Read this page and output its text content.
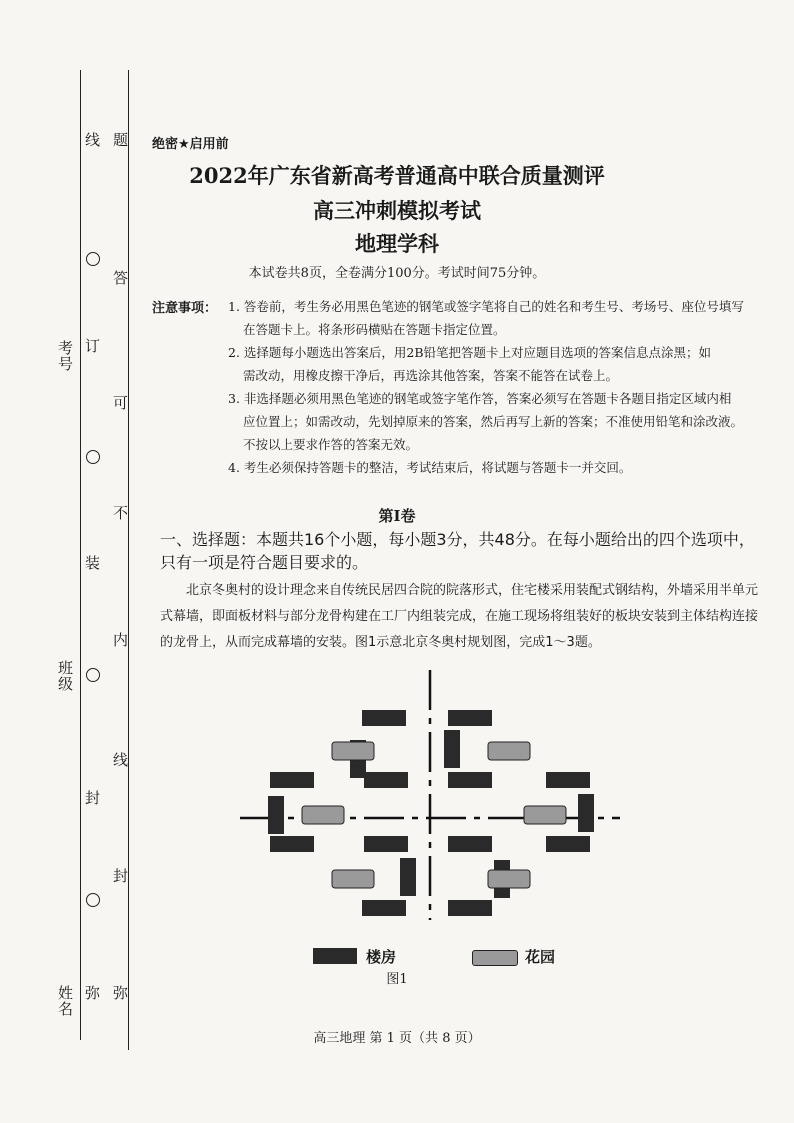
线 题
答
考号 订
可
不
装
内
班级
线
封
封
姓名 弥 弥
绝密★启用前
2022年广东省新高考普通高中联合质量测评
高三冲刺模拟考试
地理学科
本试卷共8页，全卷满分100分。考试时间75分钟。
注意事项： 1. 答卷前，考生务必用黑色笔迹的钢笔或签字笔将自己的姓名和考生号、考场号、座位号填写
在答题卡上。将条形码横贴在答题卡指定位置。
2. 选择题每小题选出答案后，用2B铅笔把答题卡上对应题目选项的答案信息点涂黑；如
需改动，用橡皮擦干净后，再选涂其他答案，答案不能答在试卷上。
3. 非选择题必须用黑色笔迹的钢笔或签字笔作答，答案必须写在答题卡各题目指定区域内相
应位置上；如需改动，先划掉原来的答案，然后再写上新的答案；不准使用铅笔和涂改液。
不按以上要求作答的答案无效。
4. 考生必须保持答题卡的整洁，考试结束后，将试题与答题卡一并交回。
第Ⅰ卷
一、选择题：本题共16个小题，每小题3分，共48分。在每小题给出的四个选项中，只有一项是符合题目要求的。
北京冬奥村的设计理念来自传统民居四合院的院落形式，住宅楼采用装配式钢结构，外墙采用半单元式幕墙，即面板材料与部分龙骨构建在工厂内组装完成，在施工现场将组装好的板块安装到主体结构连接的龙骨上，从而完成幕墙的安装。图1示意北京冬奥村规划图，完成1～3题。
楼房	花园
图1
高三地理 第 1 页（共 8 页）
